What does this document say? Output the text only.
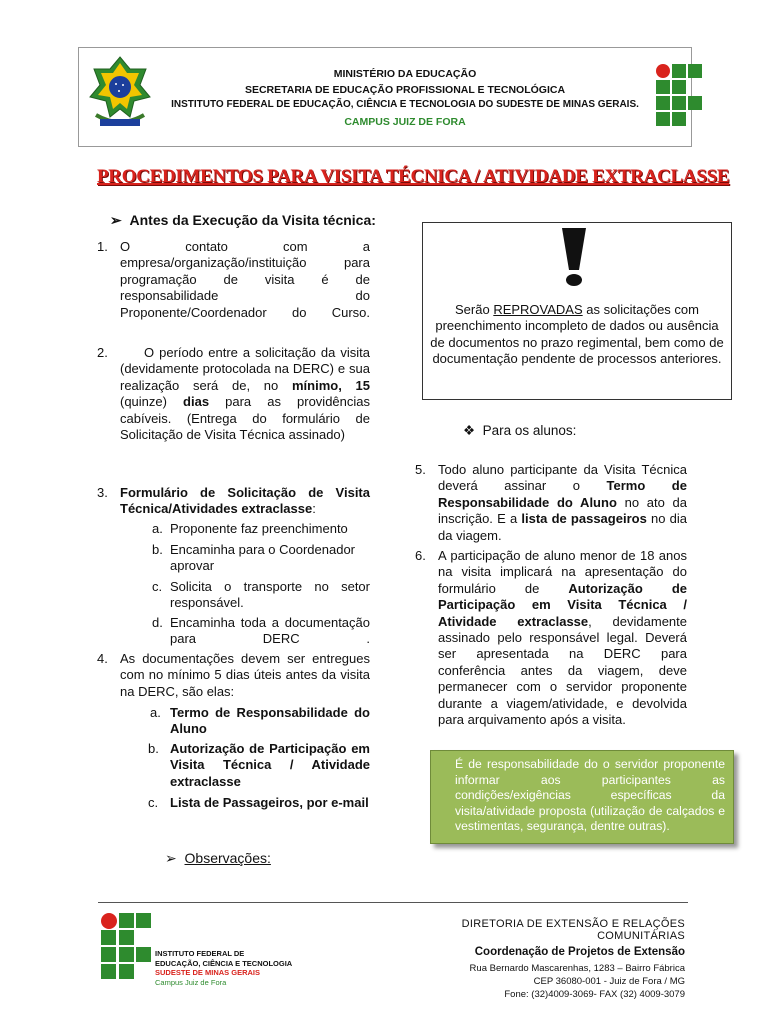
MINISTÉRIO DA EDUCAÇÃO
SECRETARIA DE EDUCAÇÃO PROFISSIONAL E TECNOLÓGICA
INSTITUTO FEDERAL DE EDUCAÇÃO, CIÊNCIA E TECNOLOGIA DO SUDESTE DE MINAS GERAIS.
CAMPUS JUIZ DE FORA
PROCEDIMENTOS PARA VISITA TÉCNICA / ATIVIDADE EXTRACLASSE
➢ Antes da Execução da Visita técnica:
1. O contato com a empresa/organização/instituição para programação de visita é de responsabilidade do Proponente/Coordenador do Curso.
2.	O período entre a solicitação da visita (devidamente protocolada na DERC) e sua realização será de, no mínimo, 15 (quinze) dias para as providências cabíveis. (Entrega do formulário de Solicitação de Visita Técnica assinado)
3. Formulário de Solicitação de Visita Técnica/Atividades extraclasse:
a. Proponente faz preenchimento
b. Encaminha para o Coordenador aprovar
c. Solicita o transporte no setor responsável.
d. Encaminha toda a documentação para DERC .
4. As documentações devem ser entregues com no mínimo 5 dias úteis antes da visita na DERC, são elas:
a. Termo de Responsabilidade do Aluno
b. Autorização de Participação em Visita Técnica / Atividade extraclasse
c. Lista de Passageiros, por e-mail
➢ Observações:
Serão REPROVADAS as solicitações com preenchimento incompleto de dados ou ausência de documentos no prazo regimental, bem como de documentação pendente de processos anteriores.
❖ Para os alunos:
5. Todo aluno participante da Visita Técnica deverá assinar o Termo de Responsabilidade do Aluno no ato da inscrição. E a lista de passageiros no dia da viagem.
6. A participação de aluno menor de 18 anos na visita implicará na apresentação do formulário de Autorização de Participação em Visita Técnica / Atividade extraclasse, devidamente assinado pelo responsável legal. Deverá ser apresentada na DERC para conferência antes da viagem, deve permanecer com o servidor proponente durante a viagem/atividade, e devolvida para arquivamento após a visita.
É de responsabilidade do o servidor proponente informar aos participantes as condições/exigências específicas da visita/atividade proposta (utilização de calçados e vestimentas, segurança, dentre outras).
INSTITUTO FEDERAL DE
EDUCAÇÃO, CIÊNCIA E TECNOLOGIA
SUDESTE DE MINAS GERAIS
Campus Juiz de Fora
DIRETORIA DE EXTENSÃO E RELAÇÕES COMUNITÁRIAS
Coordenação de Projetos de Extensão
Rua Bernardo Mascarenhas, 1283 – Bairro Fábrica
CEP 36080-001 - Juiz de Fora / MG
Fone: (32)4009-3069- FAX (32) 4009-3079
